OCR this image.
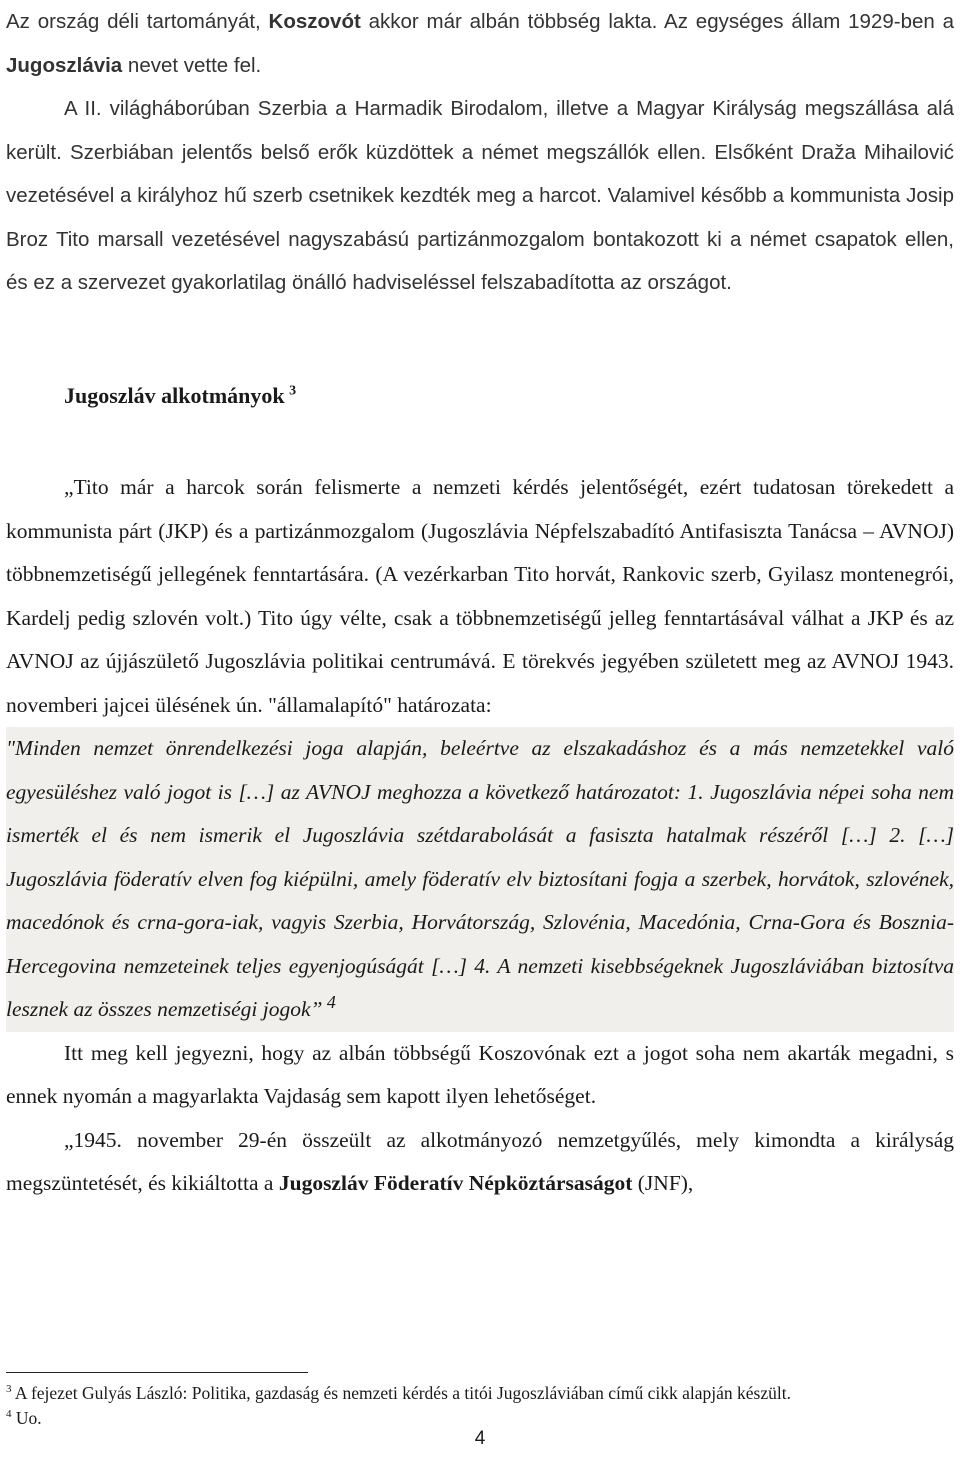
Az ország déli tartományát, Koszovót akkor már albán többség lakta. Az egységes állam 1929-ben a Jugoszlávia nevet vette fel.

A II. világháborúban Szerbia a Harmadik Birodalom, illetve a Magyar Királyság megszállása alá került. Szerbiában jelentős belső erők küzdöttek a német megszállók ellen. Elsőként Draža Mihailović vezetésével a királyhoz hű szerb csetnikek kezdték meg a harcot. Valamivel később a kommunista Josip Broz Tito marsall vezetésével nagyszabású partizánmozgalom bontakozott ki a német csapatok ellen, és ez a szervezet gyakorlatilag önálló hadviseléssel felszabadította az országot.

Jugoszláv alkotmányok  $^3$

„Tito már a harcok során felismerte a nemzeti kérdés jelentőségét, ezért tudatosan törekedett a kommunista párt (JKP) és a partizánmozgalom (Jugoszlávia Népfelszabadító Antifasiszta Tanácsa – AVNOJ) többnemzetiségű jellegének fenntartására. (A vezérkarban Tito horvát, Rankovic szerb, Gyilasz montenegrói, Kardelj pedig szlovén volt.) Tito úgy vélte, csak a többnemzetiségű jelleg fenntartásával válhat a JKP és az AVNOJ az újjászülető Jugoszlávia politikai centrumává. E törekvés jegyében született meg az AVNOJ 1943. novemberi jajcei ülésének ún. "államalapító" határozata:

"Minden nemzet önrendelkezési joga alapján, beleértve az elszakadáshoz és a más nemzetekkel való egyesüléshez való jogot is […] az AVNOJ meghozza a következő határozatot: 1. Jugoszlávia népei soha nem ismerték el és nem ismerik el Jugoszlávia szétdarabolását a fasiszta hatalmak részéről […] 2. […] Jugoszlávia föderatív elven fog kiépülni, amely föderatív elv biztosítani fogja a szerbek, horvátok, szlovének, macedónok és crna-gora-iak, vagyis Szerbia, Horvátország, Szlovénia, Macedónia, Crna-Gora és Bosznia-Hercegovina nemzeteinek teljes egyenjogúságát […] 4. A nemzeti kisebbségeknek Jugoszláviában biztosítva lesznek az összes nemzetiségi jogok”  $^4$

Itt meg kell jegyezni, hogy az albán többségű Koszovónak ezt a jogot soha nem akarták megadni, s ennek nyomán a magyarlakta Vajdaság sem kapott ilyen lehetőséget.

„1945. november 29-én összeült az alkotmányozó nemzetgyűlés, mely kimondta a királyság megszüntetését, és kikiáltotta a Jugoszláv Föderatív Népköztársaságot (JNF),

$^3$ A fejezet Gulyás László: Politika, gazdaság és nemzeti kérdés a titói Jugoszláviában című cikk alapján készült.
$^4$ Uo.
4
